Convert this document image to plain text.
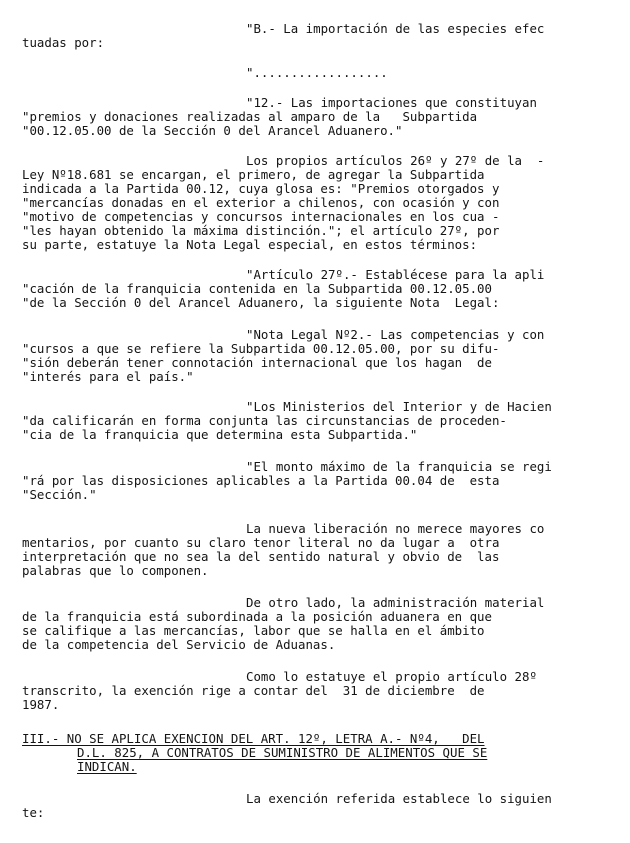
"B.- La importación de las especies efec

tuadas por:

"..................

"12.- Las importaciones que constituyan

"premios y donaciones realizadas al amparo de la   Subpartida

"00.12.05.00 de la Sección 0 del Arancel Aduanero."

Los propios artículos 26º y 27º de la  -

Ley Nº18.681 se encargan, el primero, de agregar la Subpartida

indicada a la Partida 00.12, cuya glosa es: "Premios otorgados y

"mercancías donadas en el exterior a chilenos, con ocasión y con

"motivo de competencias y concursos internacionales en los cua -

"les hayan obtenido la máxima distinción."; el artículo 27º, por

su parte, estatuye la Nota Legal especial, en estos términos:

"Artículo 27º.- Establécese para la apli

"cación de la franquicia contenida en la Subpartida 00.12.05.00

"de la Sección 0 del Arancel Aduanero, la siguiente Nota  Legal:

"Nota Legal Nº2.- Las competencias y con

"cursos a que se refiere la Subpartida 00.12.05.00, por su difu-

"sión deberán tener connotación internacional que los hagan  de

"interés para el país."

"Los Ministerios del Interior y de Hacien

"da calificarán en forma conjunta las circunstancias de proceden-

"cia de la franquicia que determina esta Subpartida."

"El monto máximo de la franquicia se regi

"rá por las disposiciones aplicables a la Partida 00.04 de  esta

"Sección."

La nueva liberación no merece mayores co

mentarios, por cuanto su claro tenor literal no da lugar a  otra

interpretación que no sea la del sentido natural y obvio de  las

palabras que lo componen.

De otro lado, la administración material

de la franquicia está subordinada a la posición aduanera en que

se califique a las mercancías, labor que se halla en el ámbito

de la competencia del Servicio de Aduanas.

Como lo estatuye el propio artículo 28º

transcrito, la exención rige a contar del  31 de diciembre  de

1987.

III.- NO SE APLICA EXENCION DEL ART. 12º, LETRA A.- Nº4,   DEL

D.L. 825, A CONTRATOS DE SUMINISTRO DE ALIMENTOS QUE SE

INDICAN.

La exención referida establece lo siguien

te:
